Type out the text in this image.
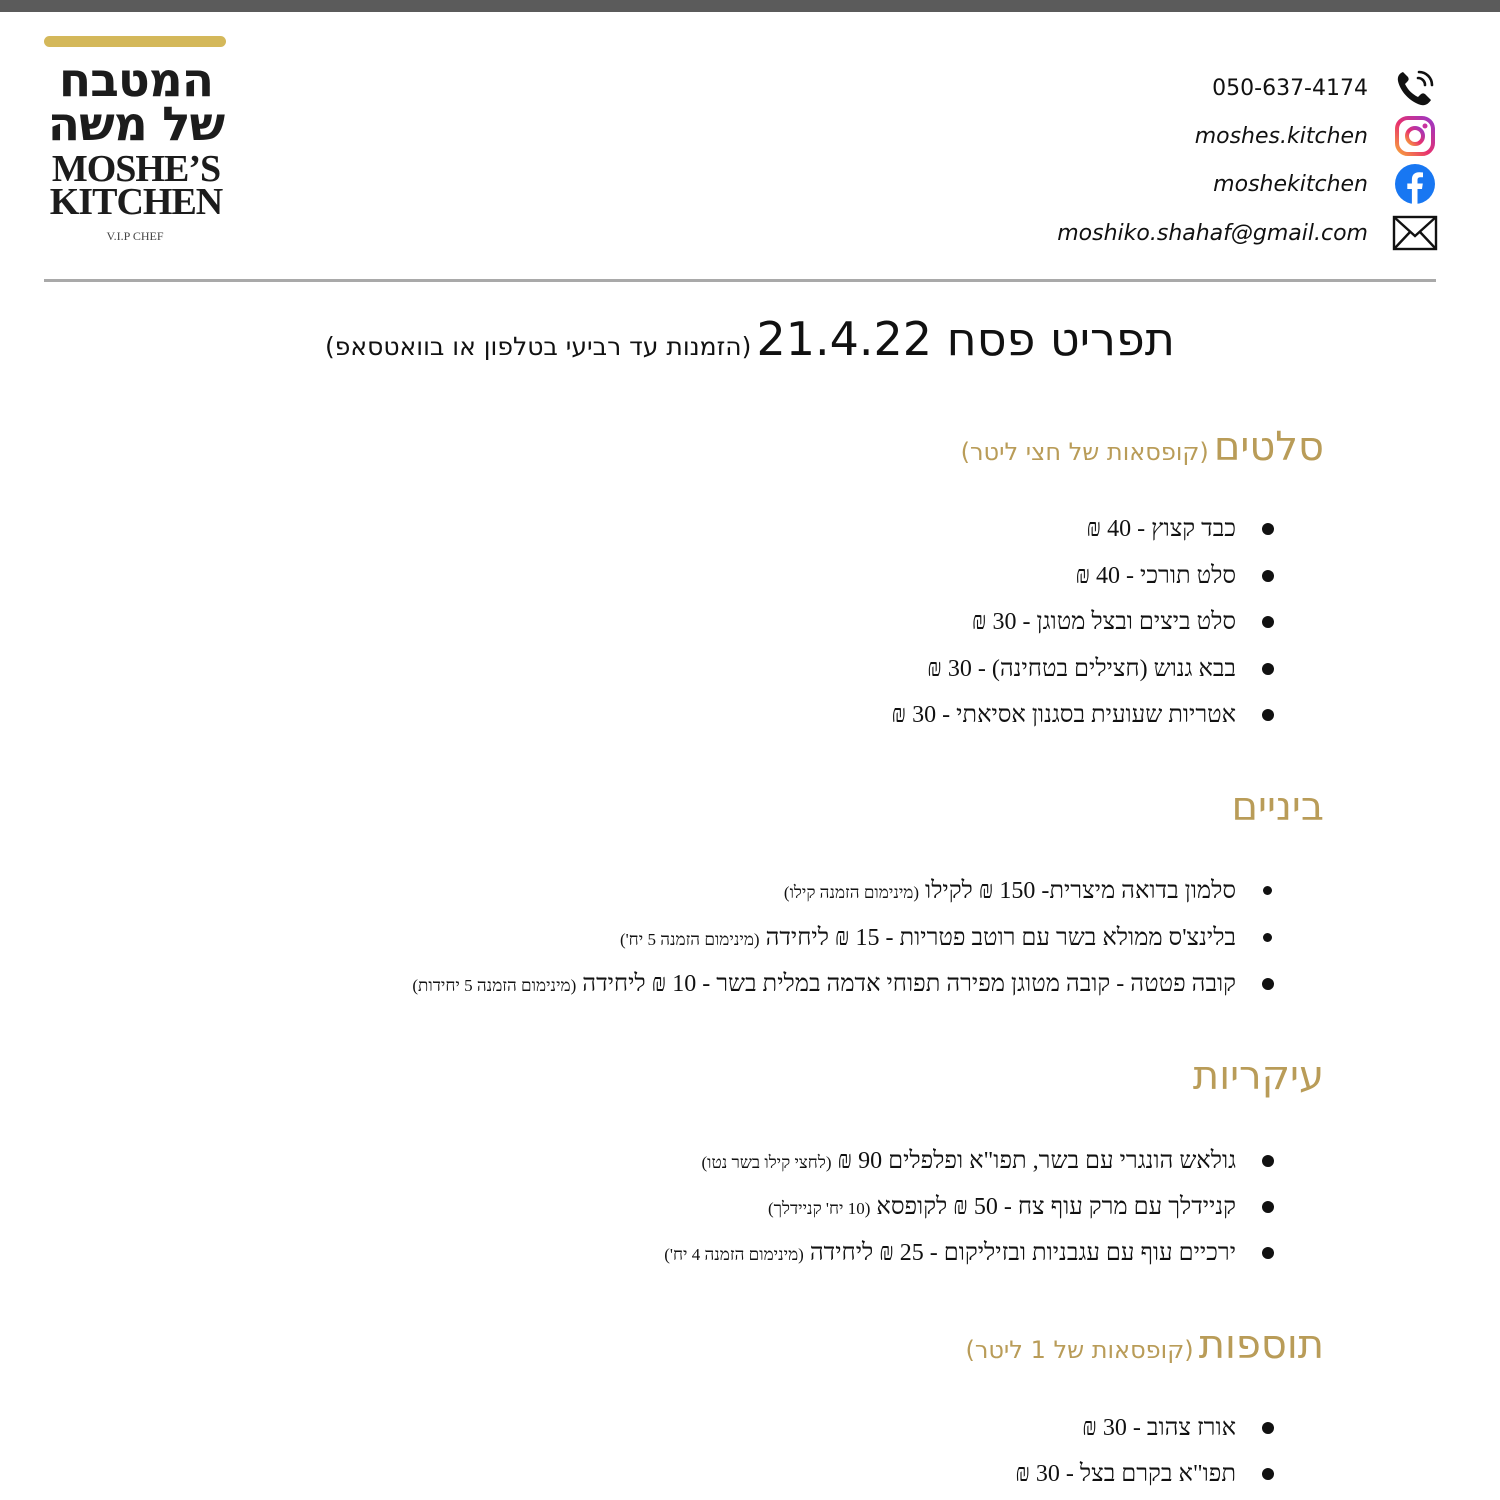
המטבח
של משה
MOSHE’S
KITCHEN
V.I.P CHEF
050-637-4174
moshes.kitchen
moshekitchen
moshiko.shahaf@gmail.com
תפריט פסח 21.4.22 (הזמנות עד רביעי בטלפון או בוואטסאפ)
סלטים (קופסאות של חצי ליטר)
כבד קצוץ - 40 ₪
סלט תורכי - 40 ₪
סלט ביצים ובצל מטוגן - 30 ₪
בבא גנוש (חצילים בטחינה) - 30 ₪
אטריות שעועית בסגנון אסיאתי - 30 ₪
ביניים
סלמון בדואה מיצרית- 150 ₪ לקילו (מינימום הזמנה קילו)
בלינצ'ס ממולא בשר עם רוטב פטריות - 15 ₪ ליחידה (מינימום הזמנה 5 יח')
קובה פטטה - קובה מטוגן מפירה תפוחי אדמה במלית בשר - 10 ₪ ליחידה (מינימום הזמנה 5 יחידות)
עיקריות
גולאש הונגרי עם בשר, תפו"א ופלפלים 90 ₪ (לחצי קילו בשר נטו)
קניידלך עם מרק עוף צח - 50 ₪ לקופסא (10 יח' קניידלך)
ירכיים עוף עם עגבניות ובזיליקום - 25 ₪ ליחידה (מינימום הזמנה 4 יח')
תוספות (קופסאות של 1 ליטר)
אורז צהוב - 30 ₪
תפו"א בקרם בצל - 30 ₪
